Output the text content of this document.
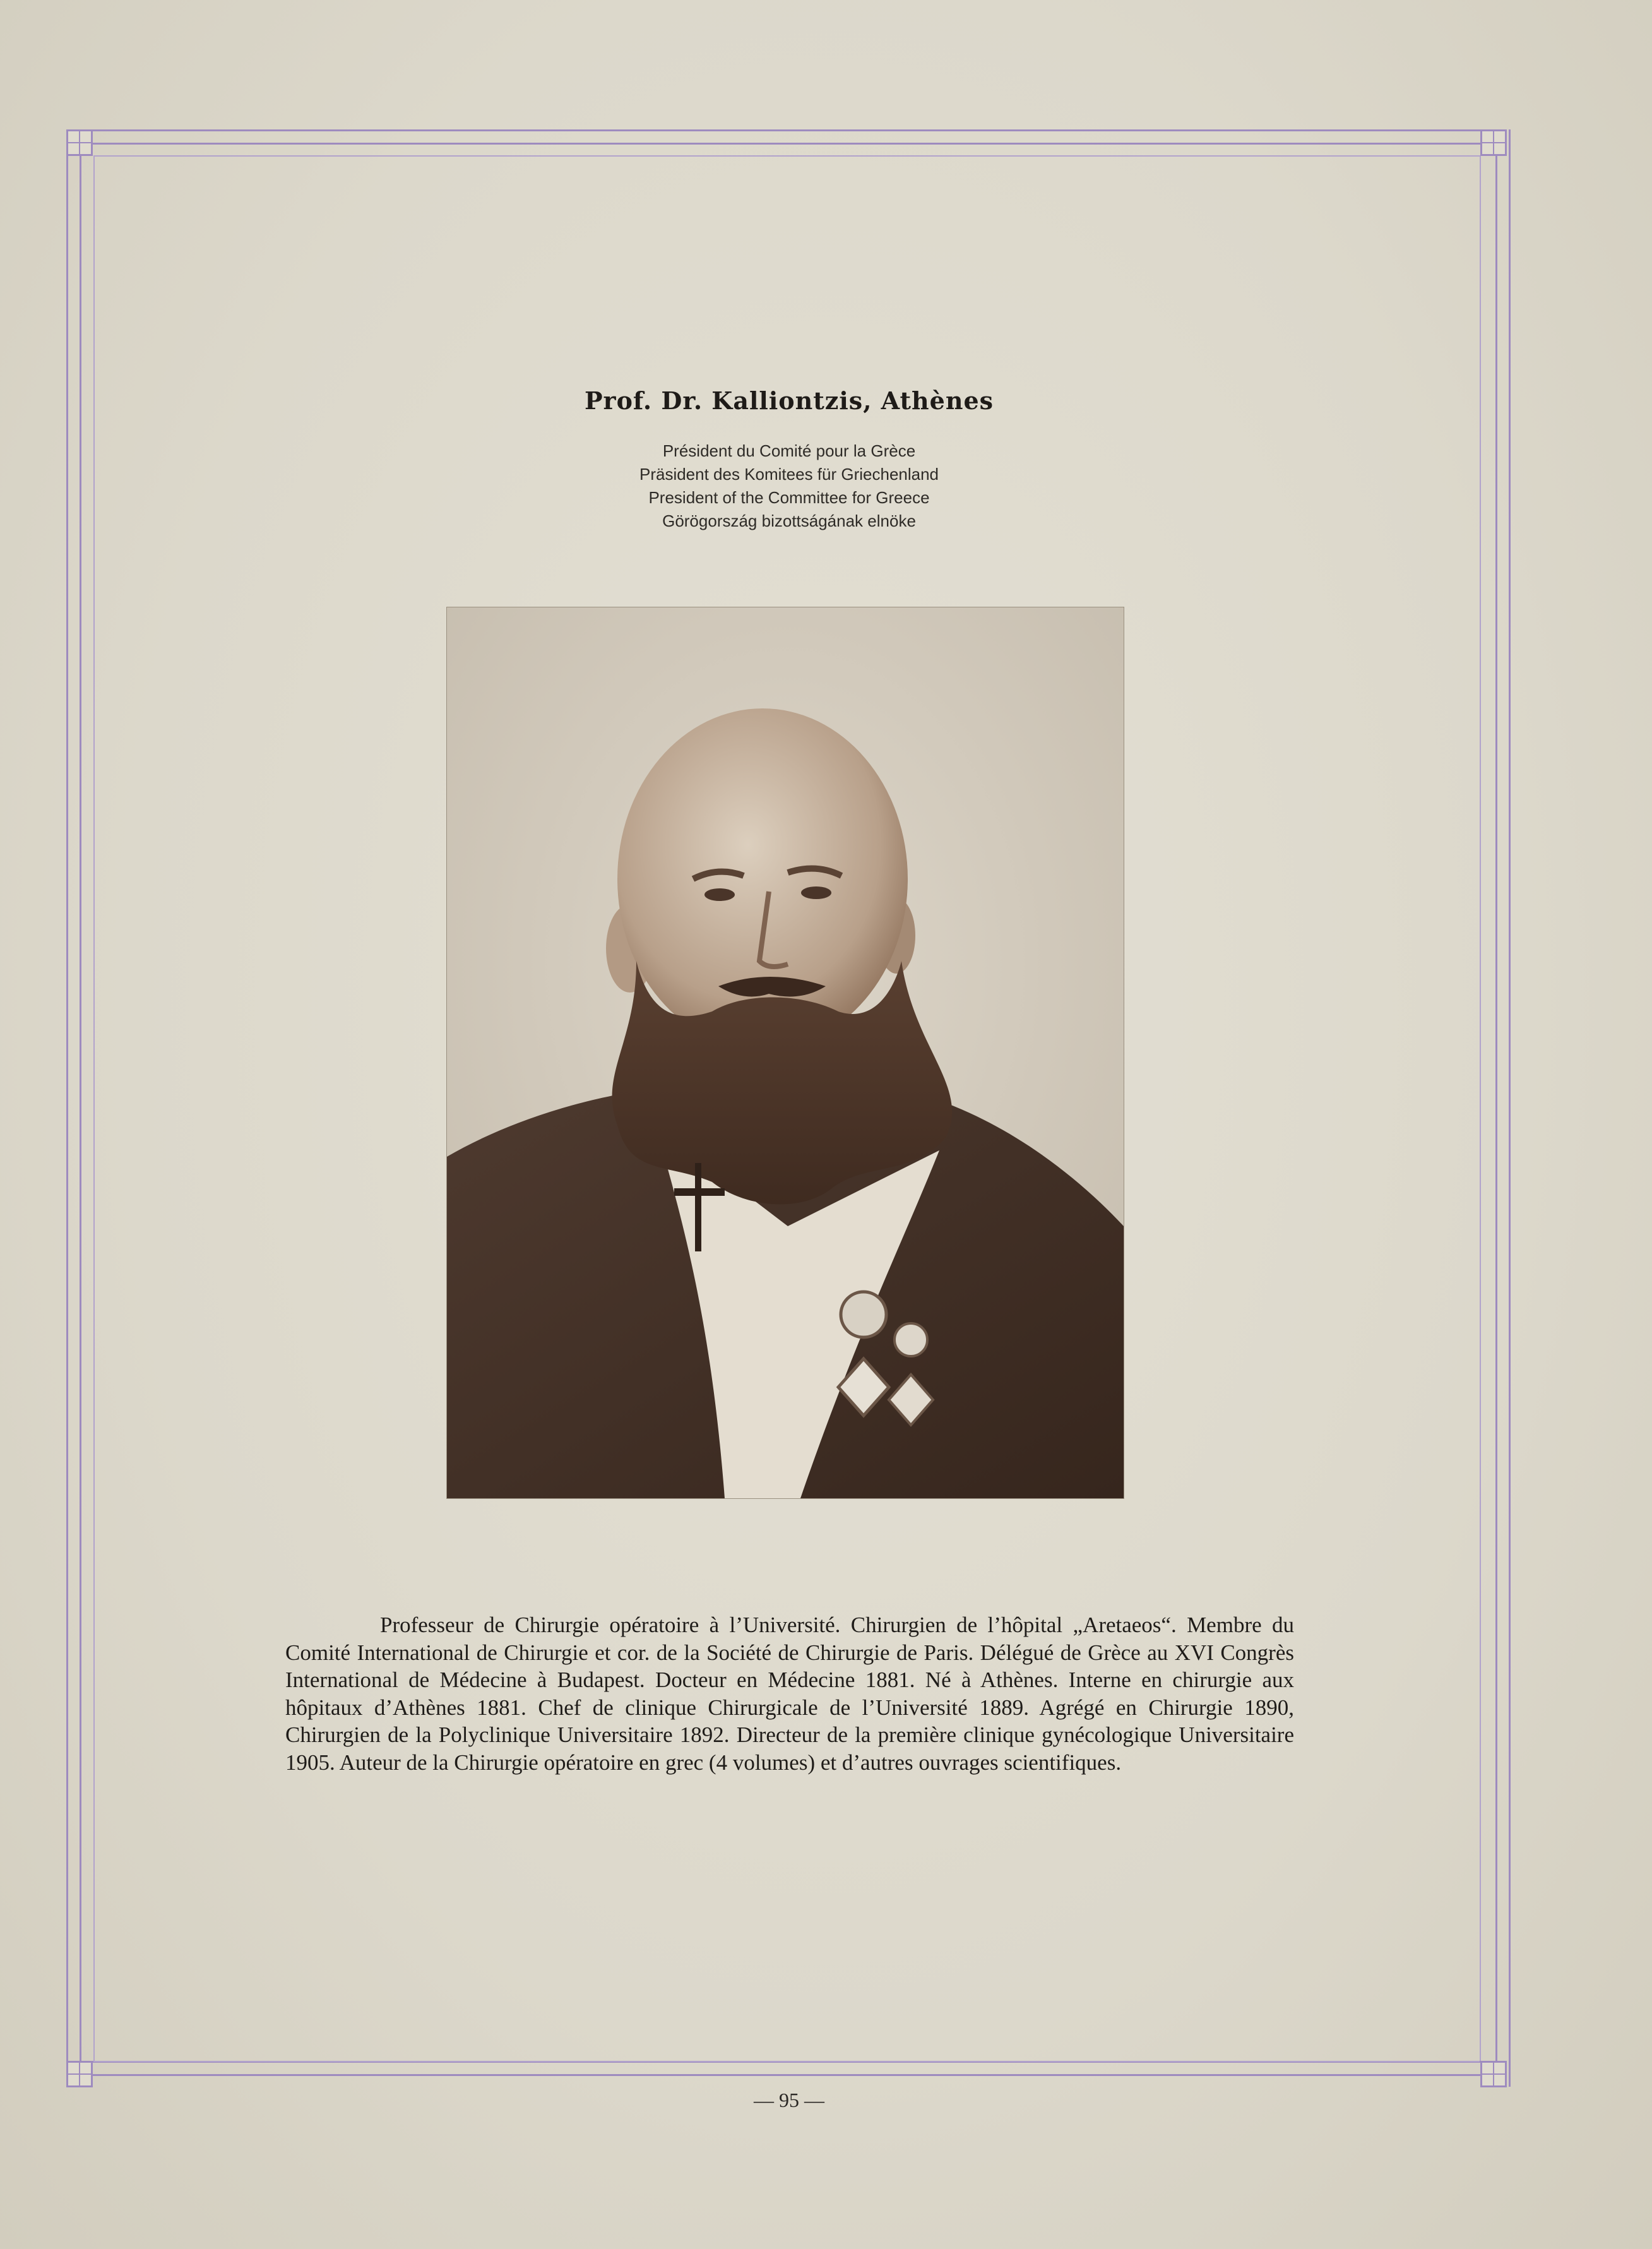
Prof. Dr. Kalliontzis, Athènes
Président du Comité pour la Grèce
Präsident des Komitees für Griechenland
President of the Committee for Greece
Görögország bizottságának elnöke
Professeur de Chirurgie opératoire à l’Université. Chirurgien de l’hôpital „Aretaeos“. Membre du Comité International de Chirurgie et cor. de la Société de Chirurgie de Paris. Délégué de Grèce au XVI Congrès International de Médecine à Budapest. Docteur en Médecine 1881. Né à Athènes. Interne en chirurgie aux hôpitaux d’Athènes 1881. Chef de clinique Chirurgicale de l’Université 1889. Agrégé en Chirurgie 1890, Chirurgien de la Polyclinique Universitaire 1892. Directeur de la première clinique gynécologique Universitaire 1905. Auteur de la Chirurgie opératoire en grec (4 volumes) et d’autres ouvrages scientifiques.
— 95 —
